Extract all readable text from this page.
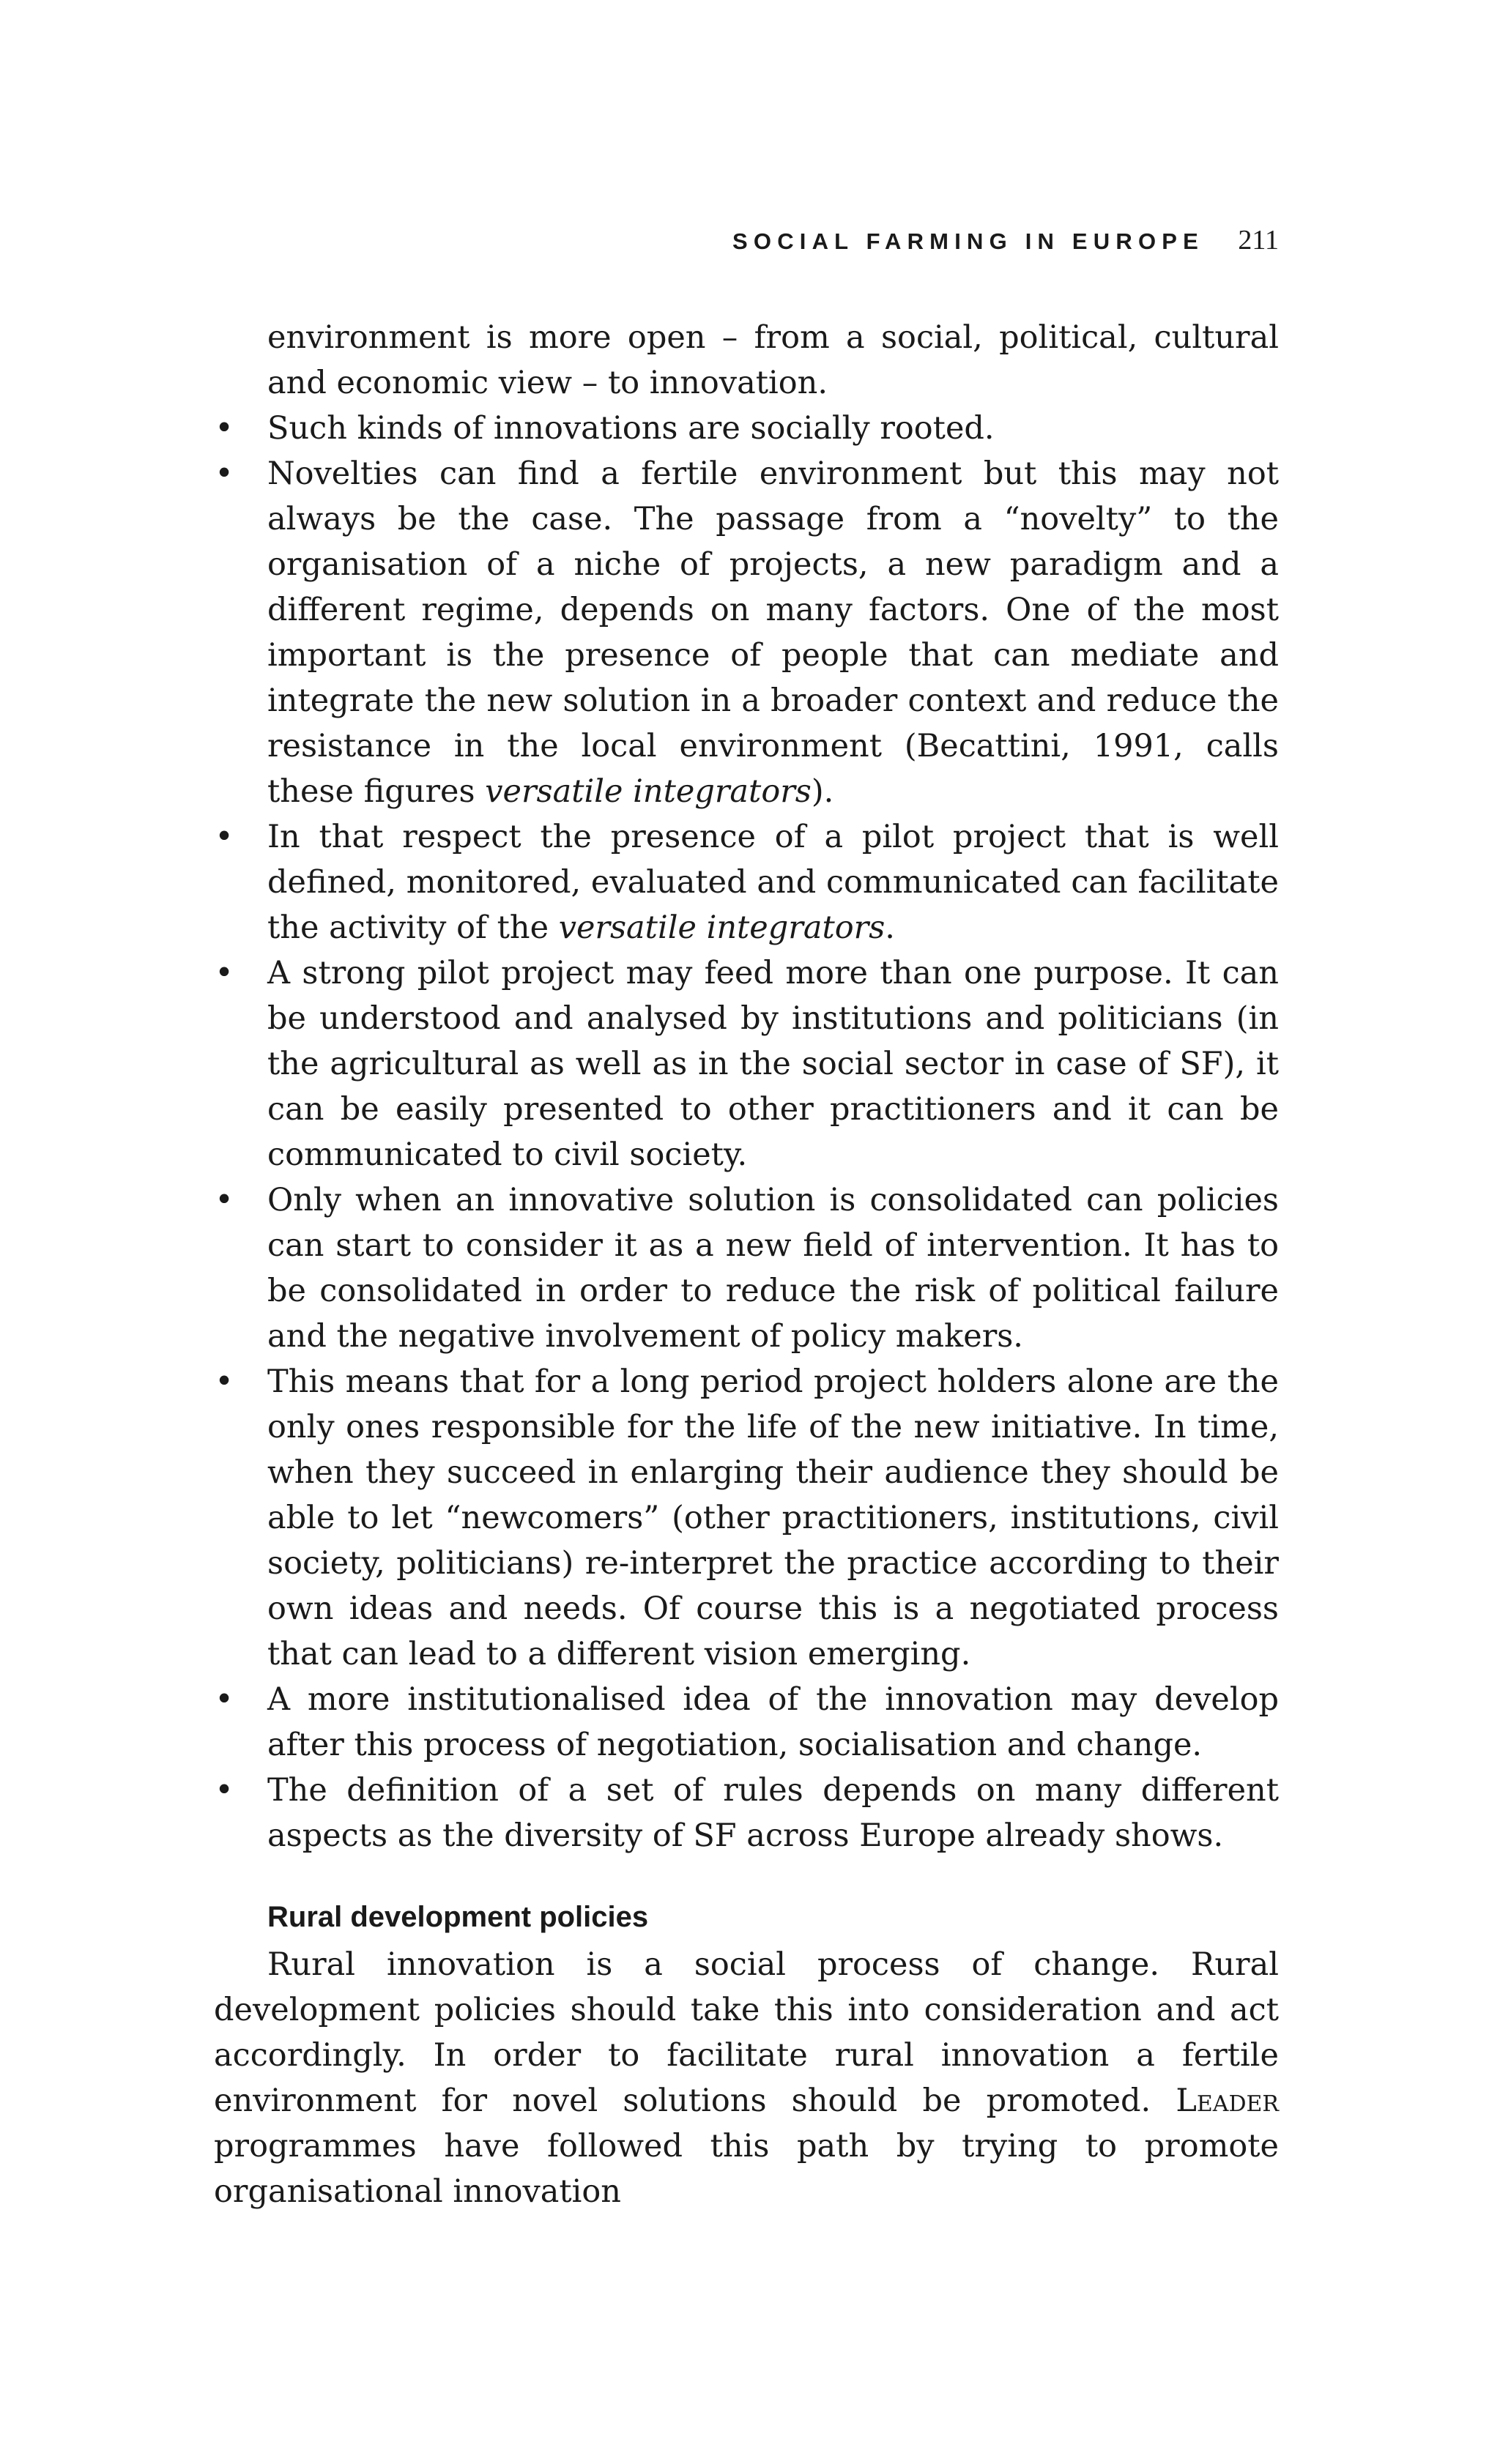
SOCIAL FARMING IN EUROPE 211

environment is more open – from a social, political, cultural and economic view – to innovation.

• Such kinds of innovations are socially rooted.
• Novelties can find a fertile environment but this may not always be the case. The passage from a “novelty” to the organisation of a niche of projects, a new paradigm and a different regime, depends on many factors. One of the most important is the presence of people that can mediate and integrate the new solution in a broader context and reduce the resistance in the local environment (Becattini, 1991, calls these figures versatile integrators).
• In that respect the presence of a pilot project that is well defined, monitored, evaluated and communicated can facilitate the activity of the versatile integrators.
• A strong pilot project may feed more than one purpose. It can be understood and analysed by institutions and politicians (in the agricultural as well as in the social sector in case of SF), it can be easily presented to other practitioners and it can be communicated to civil society.
• Only when an innovative solution is consolidated can policies can start to consider it as a new field of intervention. It has to be consolidated in order to reduce the risk of political failure and the negative involvement of policy makers.
• This means that for a long period project holders alone are the only ones responsible for the life of the new initiative. In time, when they succeed in enlarging their audience they should be able to let “newcomers” (other practitioners, institutions, civil society, politicians) re-interpret the practice according to their own ideas and needs. Of course this is a negotiated process that can lead to a different vision emerging.
• A more institutionalised idea of the innovation may develop after this process of negotiation, socialisation and change.
• The definition of a set of rules depends on many different aspects as the diversity of SF across Europe already shows.
Rural development policies

Rural innovation is a social process of change. Rural development policies should take this into consideration and act accordingly. In order to facilitate rural innovation a fertile environment for novel solutions should be promoted. Leader programmes have followed this path by trying to promote organisational innovation
